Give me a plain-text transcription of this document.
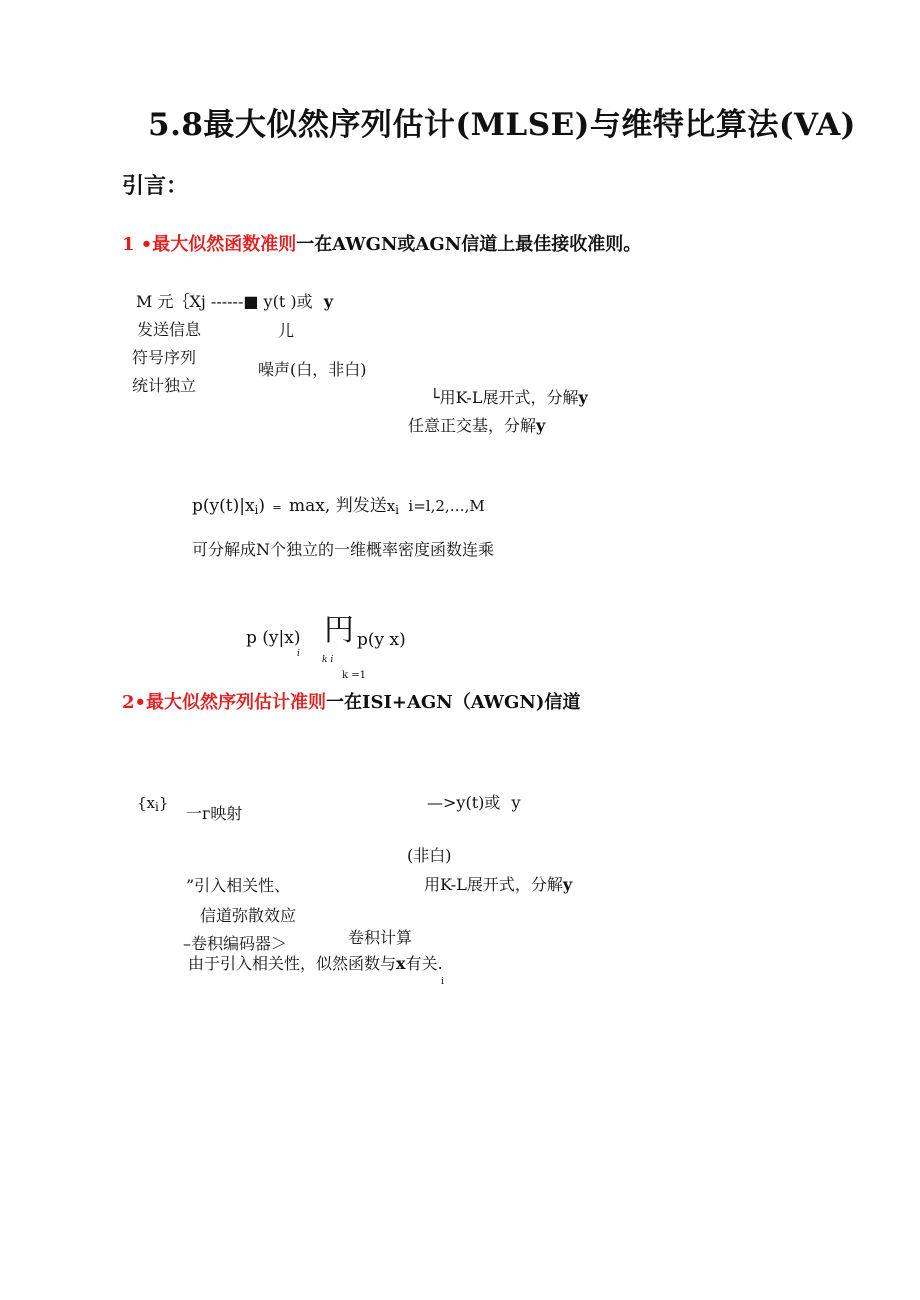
5.8最大似然序列估计(MLSE)与维特比算法(VA)
引言：
1 •最大似然函数准则一在AWGN或AGN信道上最佳接收准则。
M 元｛Xj ------■ y(t )或 y
发送信息	儿
符号序列
噪声(白，非白)
统计独立
└用K-L展开式，分解y
任意正交基，分解y
$p(y(t)|x_i) = \max$, 判发送$x_i$ i=l,2,…,M
可分解成N个独立的一维概率密度函数连乘
p (y|x)
i
円 p(y x)
k i
k =1
2•最大似然序列估计准则一在ISI+AGN（AWGN)信道
$\{x_i\}$
一ᴦ映射
—>y(t)或 y
(非白)
”引入相关性、	用K-L展开式，分解y
信道弥散效应
–卷积编码器＞	卷积计算
由于引入相关性，似然函数与x有关.
i
